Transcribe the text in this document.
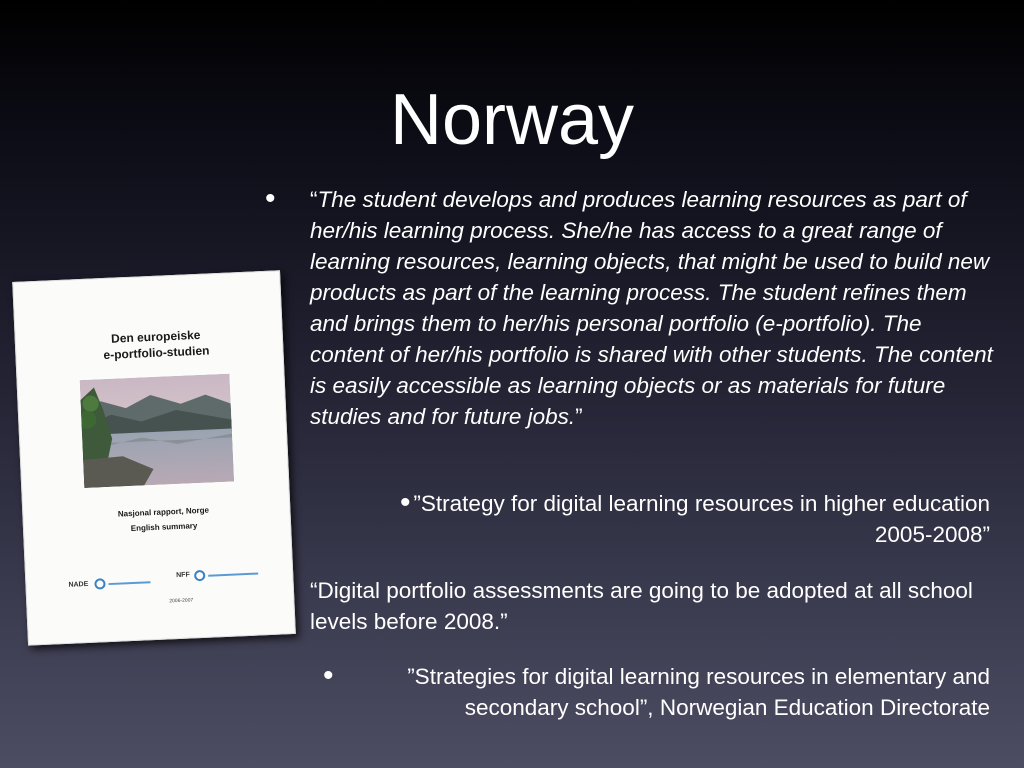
Norway
• “The student develops and produces learning resources as part of her/his learning process. She/he has access to a great range of learning resources, learning objects, that might be used to build new products as part of the learning process. The student refines them and brings them to her/his personal portfolio (e-portfolio). The content of her/his portfolio is shared with other students. The content is easily accessible as learning objects or as materials for future studies and for future jobs.”

• ”Strategy for digital learning resources in higher education 2005-2008”

“Digital portfolio assessments are going to be adopted at all school levels before 2008.”

•	”Strategies for digital learning resources in elementary and secondary school”, Norwegian Education Directorate

Den europeiske
e-portfolio-studien
Nasjonal rapport, Norge
English summary
NADE
NFF
2006-2007
